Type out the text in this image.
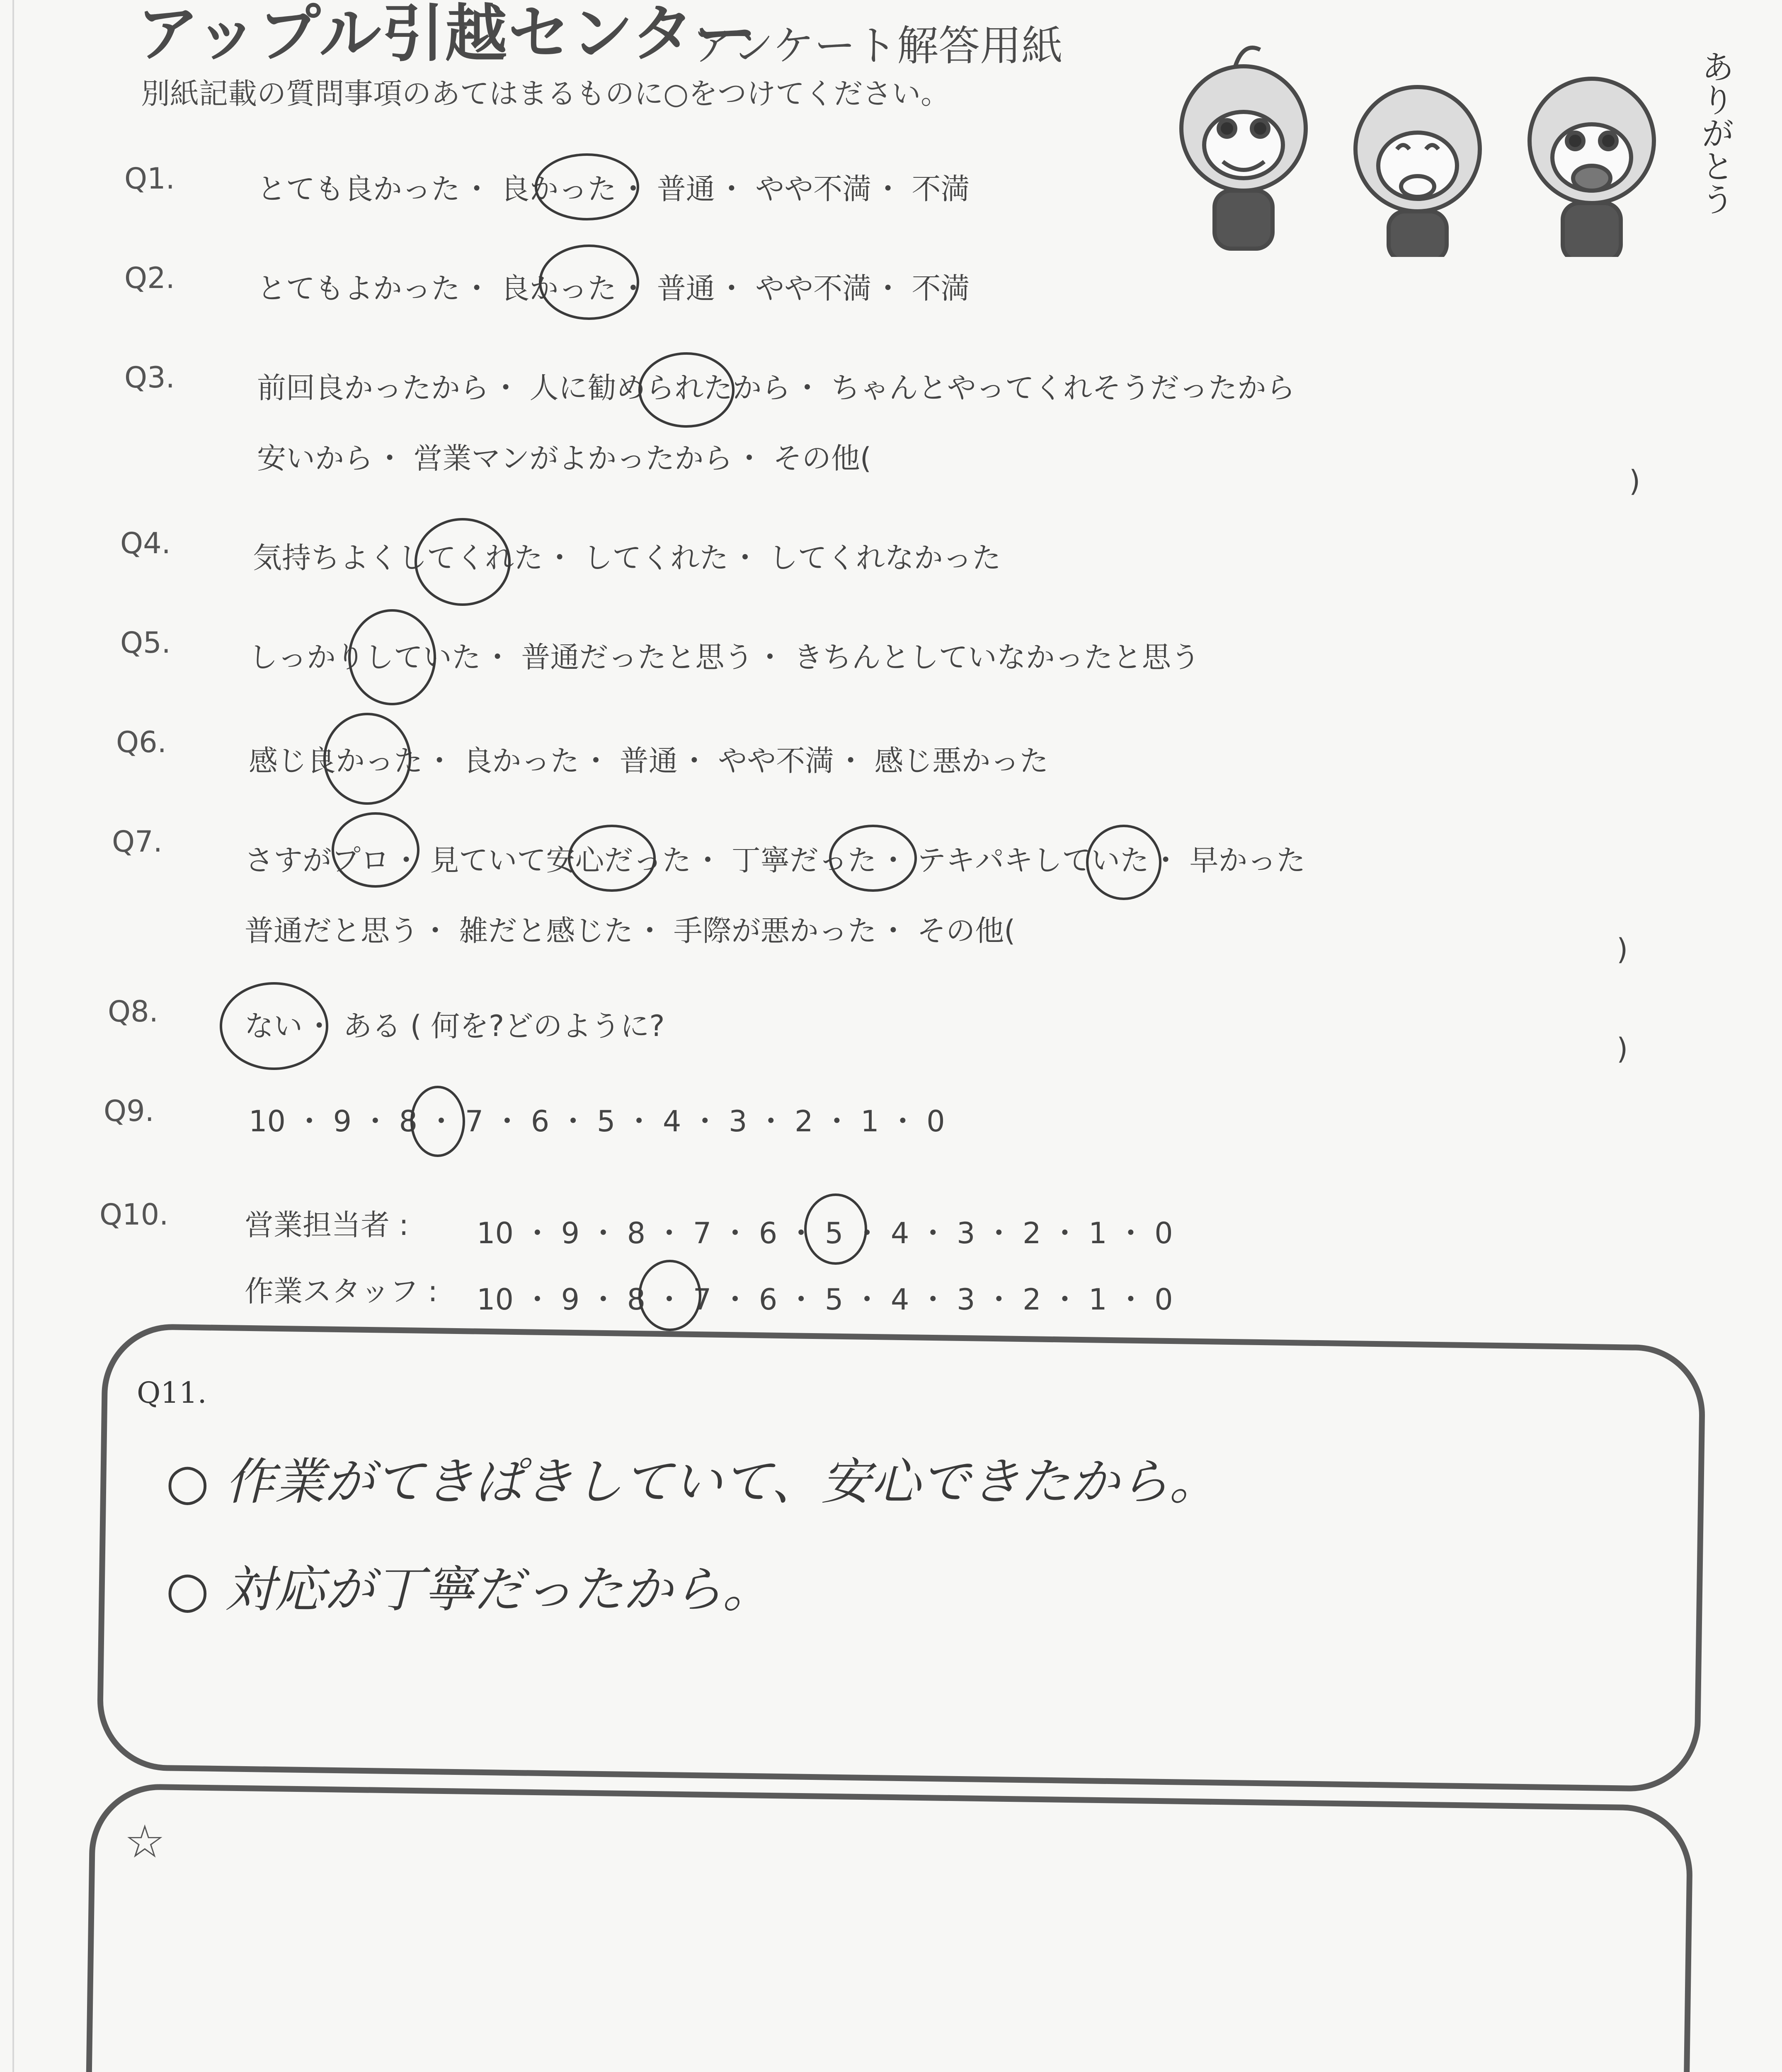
アップル引越センター
アンケート解答用紙
別紙記載の質問事項のあてはまるものに○をつけてください。	ありがとう
Q1.	とても良かった ・ 良かった ・ 普通 ・ やや不満 ・ 不満
Q2.	とてもよかった ・ 良かった ・ 普通 ・ やや不満 ・ 不満
Q3.	前回良かったから ・ 人に勧められたから ・ ちゃんとやってくれそうだったから
安いから ・ 営業マンがよかったから ・ その他(
)
Q4.	気持ちよくしてくれた ・ してくれた ・ してくれなかった
Q5.	しっかりしていた ・ 普通だったと思う ・ きちんとしていなかったと思う
Q6.
感じ良かった ・ 良かった ・ 普通 ・ やや不満 ・ 感じ悪かった
Q7.
さすがプロ ・ 見ていて安心だった ・ 丁寧だった ・ テキパキしていた ・ 早かった
普通だと思う ・ 雑だと感じた ・ 手際が悪かった ・ その他(
)
Q8.	ない ・ ある ( 何を?どのように?
)
Q9.	10 ・ 9 ・ 8 ・ 7 ・ 6 ・ 5 ・ 4 ・ 3 ・ 2 ・ 1 ・ 0
Q10.	営業担当者 : 10 ・ 9 ・ 8 ・ 7 ・ 6 ・ 5 ・ 4 ・ 3 ・ 2 ・ 1 ・ 0
作業スタッフ : 10 ・ 9 ・ 8 ・ 7 ・ 6 ・ 5 ・ 4 ・ 3 ・ 2 ・ 1 ・ 0
Q11.
○ 作業がてきぱきしていて、安心できたから。
○ 対応が丁寧だったから。
☆
